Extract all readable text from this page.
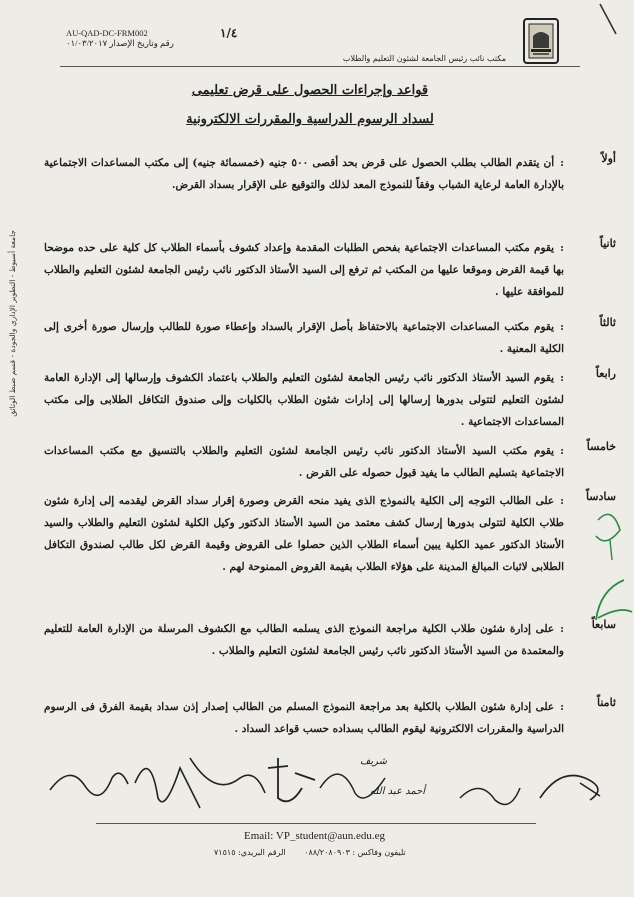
AU-QAD-DC-FRM002
رقم وتاريخ الإصدار ٠١/٠٣/٢٠١٧
١/٤
مكتب نائب رئيس الجامعة لشئون التعليم والطلاب
قواعد وإجراءات الحصول على قرض تعليمى
لسداد الرسوم الدراسية والمقررات الالكترونية
أولاً
:أن يتقدم الطالب بطلب الحصول على قرض بحد أقصى ٥٠٠ جنيه (خمسمائة جنيه) إلى مكتب المساعدات الاجتماعية بالإدارة العامة لرعاية الشباب وفقاً للنموذج المعد لذلك والتوقيع على الإقرار بسداد القرض.
ثانياً
:يقوم مكتب المساعدات الاجتماعية بفحص الطلبات المقدمة وإعداد كشوف بأسماء الطلاب كل كلية على حده موضحا بها قيمة القرض وموقعا عليها من المكتب ثم ترفع إلى السيد الأستاذ الدكتور نائب رئيس الجامعة لشئون التعليم والطلاب للموافقة عليها .
ثالثاً
:يقوم مكتب المساعدات الاجتماعية بالاحتفاظ بأصل الإقرار بالسداد وإعطاء صورة للطالب وإرسال صورة أخرى إلى الكلية المعنية .
رابعاً
:يقوم السيد الأستاذ الدكتور نائب رئيس الجامعة لشئون التعليم والطلاب باعتماد الكشوف وإرسالها إلى الإدارة العامة لشئون التعليم لتتولى بدورها إرسالها إلى إدارات شئون الطلاب بالكليات وإلى صندوق التكافل الطلابى وإلى مكتب المساعدات الاجتماعية .
خامساً
:يقوم مكتب السيد الأستاذ الدكتور نائب رئيس الجامعة لشئون التعليم والطلاب بالتنسيق مع مكتب المساعدات الاجتماعية بتسليم الطالب ما يفيد قبول حصوله على القرض .
سادساً
:على الطالب التوجه إلى الكلية بالنموذج الذى يفيد منحه القرض وصورة إقرار سداد القرض ليقدمه إلى إدارة شئون طلاب الكلية لتتولى بدورها إرسال كشف معتمد من السيد الأستاذ الدكتور وكيل الكلية لشئون التعليم والطلاب والسيد الأستاذ الدكتور عميد الكلية يبين أسماء الطلاب الذين حصلوا على القروض وقيمة القرض لكل طالب لصندوق التكافل الطلابى لاثبات المبالغ المدينة على هؤلاء الطلاب بقيمة القروض الممنوحة لهم .
سابعاً
:على إدارة شئون طلاب الكلية مراجعة النموذج الذى يسلمه الطالب مع الكشوف المرسلة من الإدارة العامة للتعليم والمعتمدة من السيد الأستاذ الدكتور نائب رئيس الجامعة لشئون التعليم والطلاب .
ثامناً
:على إدارة شئون الطلاب بالكلية بعد مراجعة النموذج المسلم من الطالب إصدار إذن سداد بقيمة الفرق فى الرسوم الدراسية والمقررات الالكترونية ليقوم الطالب بسداده حسب قواعد السداد .
جامعة أسيوط - التطوير الإداري والجودة - قسم ضبط الوثائق
شريف
أحمد عبد الله
Email: VP_student@aun.edu.eg
تليفون وفاكس : ٠٨٨/٢٠٨٠٩٠٣ الرقم البريدي: ٧١٥١٥
